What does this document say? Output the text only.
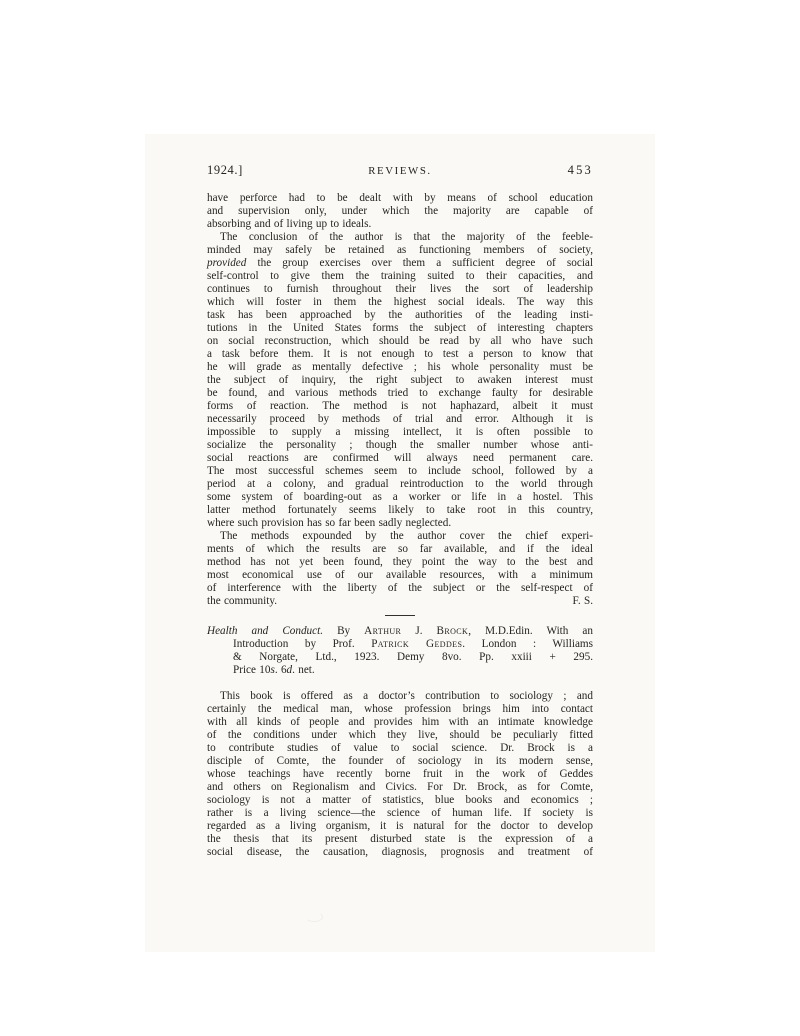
1924.]	REVIEWS.	453
have perforce had to be dealt with by means of school education
and supervision only, under which the majority are capable of
absorbing and of living up to ideals.
The conclusion of the author is that the majority of the feeble-
minded may safely be retained as functioning members of society,
provided the group exercises over them a sufficient degree of social
self-control to give them the training suited to their capacities, and
continues to furnish throughout their lives the sort of leadership
which will foster in them the highest social ideals. The way this
task has been approached by the authorities of the leading insti-
tutions in the United States forms the subject of interesting chapters
on social reconstruction, which should be read by all who have such
a task before them. It is not enough to test a person to know that
he will grade as mentally defective ; his whole personality must be
the subject of inquiry, the right subject to awaken interest must
be found, and various methods tried to exchange faulty for desirable
forms of reaction. The method is not haphazard, albeit it must
necessarily proceed by methods of trial and error. Although it is
impossible to supply a missing intellect, it is often possible to
socialize the personality ; though the smaller number whose anti-
social reactions are confirmed will always need permanent care.
The most successful schemes seem to include school, followed by a
period at a colony, and gradual reintroduction to the world through
some system of boarding-out as a worker or life in a hostel. This
latter method fortunately seems likely to take root in this country,
where such provision has so far been sadly neglected.
The methods expounded by the author cover the chief experi-
ments of which the results are so far available, and if the ideal
method has not yet been found, they point the way to the best and
most economical use of our available resources, with a minimum
of interference with the liberty of the subject or the self-respect of
the community.	F. S.
Health and Conduct. By Arthur J. Brock, M.D.Edin. With an
Introduction by Prof. Patrick Geddes. London : Williams
& Norgate, Ltd., 1923. Demy 8vo. Pp. xxiii + 295.
Price 10s. 6d. net.
This book is offered as a doctor’s contribution to sociology ; and
certainly the medical man, whose profession brings him into contact
with all kinds of people and provides him with an intimate knowledge
of the conditions under which they live, should be peculiarly fitted
to contribute studies of value to social science. Dr. Brock is a
disciple of Comte, the founder of sociology in its modern sense,
whose teachings have recently borne fruit in the work of Geddes
and others on Regionalism and Civics. For Dr. Brock, as for Comte,
sociology is not a matter of statistics, blue books and economics ;
rather is a living science—the science of human life. If society is
regarded as a living organism, it is natural for the doctor to develop
the thesis that its present disturbed state is the expression of a
social disease, the causation, diagnosis, prognosis and treatment of
